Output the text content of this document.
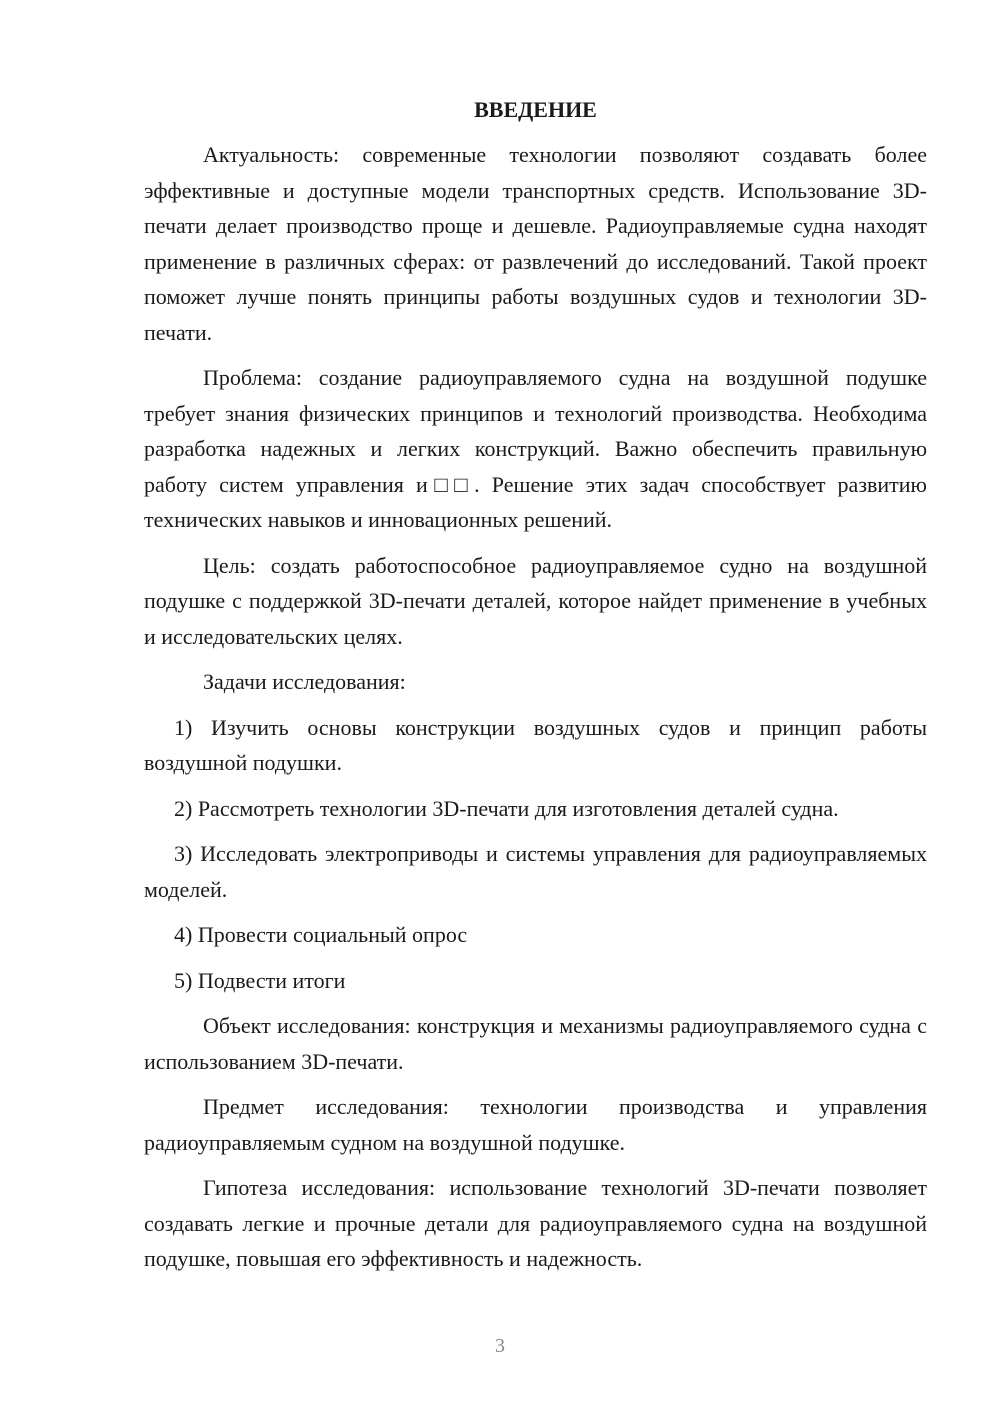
ВВЕДЕНИЕ

Актуальность: современные технологии позволяют создавать более эффективные и доступные модели транспортных средств. Использование 3D-печати делает производство проще и дешевле. Радиоуправляемые судна находят применение в различных сферах: от развлечений до исследований. Такой проект поможет лучше понять принципы работы воздушных судов и технологии 3D-печати.

Проблема: создание радиоуправляемого судна на воздушной подушке требует знания физических принципов и технологий производства. Необходима разработка надежных и легких конструкций. Важно обеспечить правильную работу систем управления и□□. Решение этих задач способствует развитию технических навыков и инновационных решений.

Цель: создать работоспособное радиоуправляемое судно на воздушной подушке с поддержкой 3D-печати деталей, которое найдет применение в учебных и исследовательских целях.

Задачи исследования:

1) Изучить основы конструкции воздушных судов и принцип работы воздушной подушки.

2) Рассмотреть технологии 3D-печати для изготовления деталей судна.

3) Исследовать электроприводы и системы управления для радиоуправляемых моделей.

4) Провести социальный опрос

5) Подвести итоги

Объект исследования: конструкция и механизмы радиоуправляемого судна с использованием 3D-печати.

Предмет исследования: технологии производства и управления радиоуправляемым судном на воздушной подушке.

Гипотеза исследования: использование технологий 3D-печати позволяет создавать легкие и прочные детали для радиоуправляемого судна на воздушной подушке, повышая его эффективность и надежность.

3
